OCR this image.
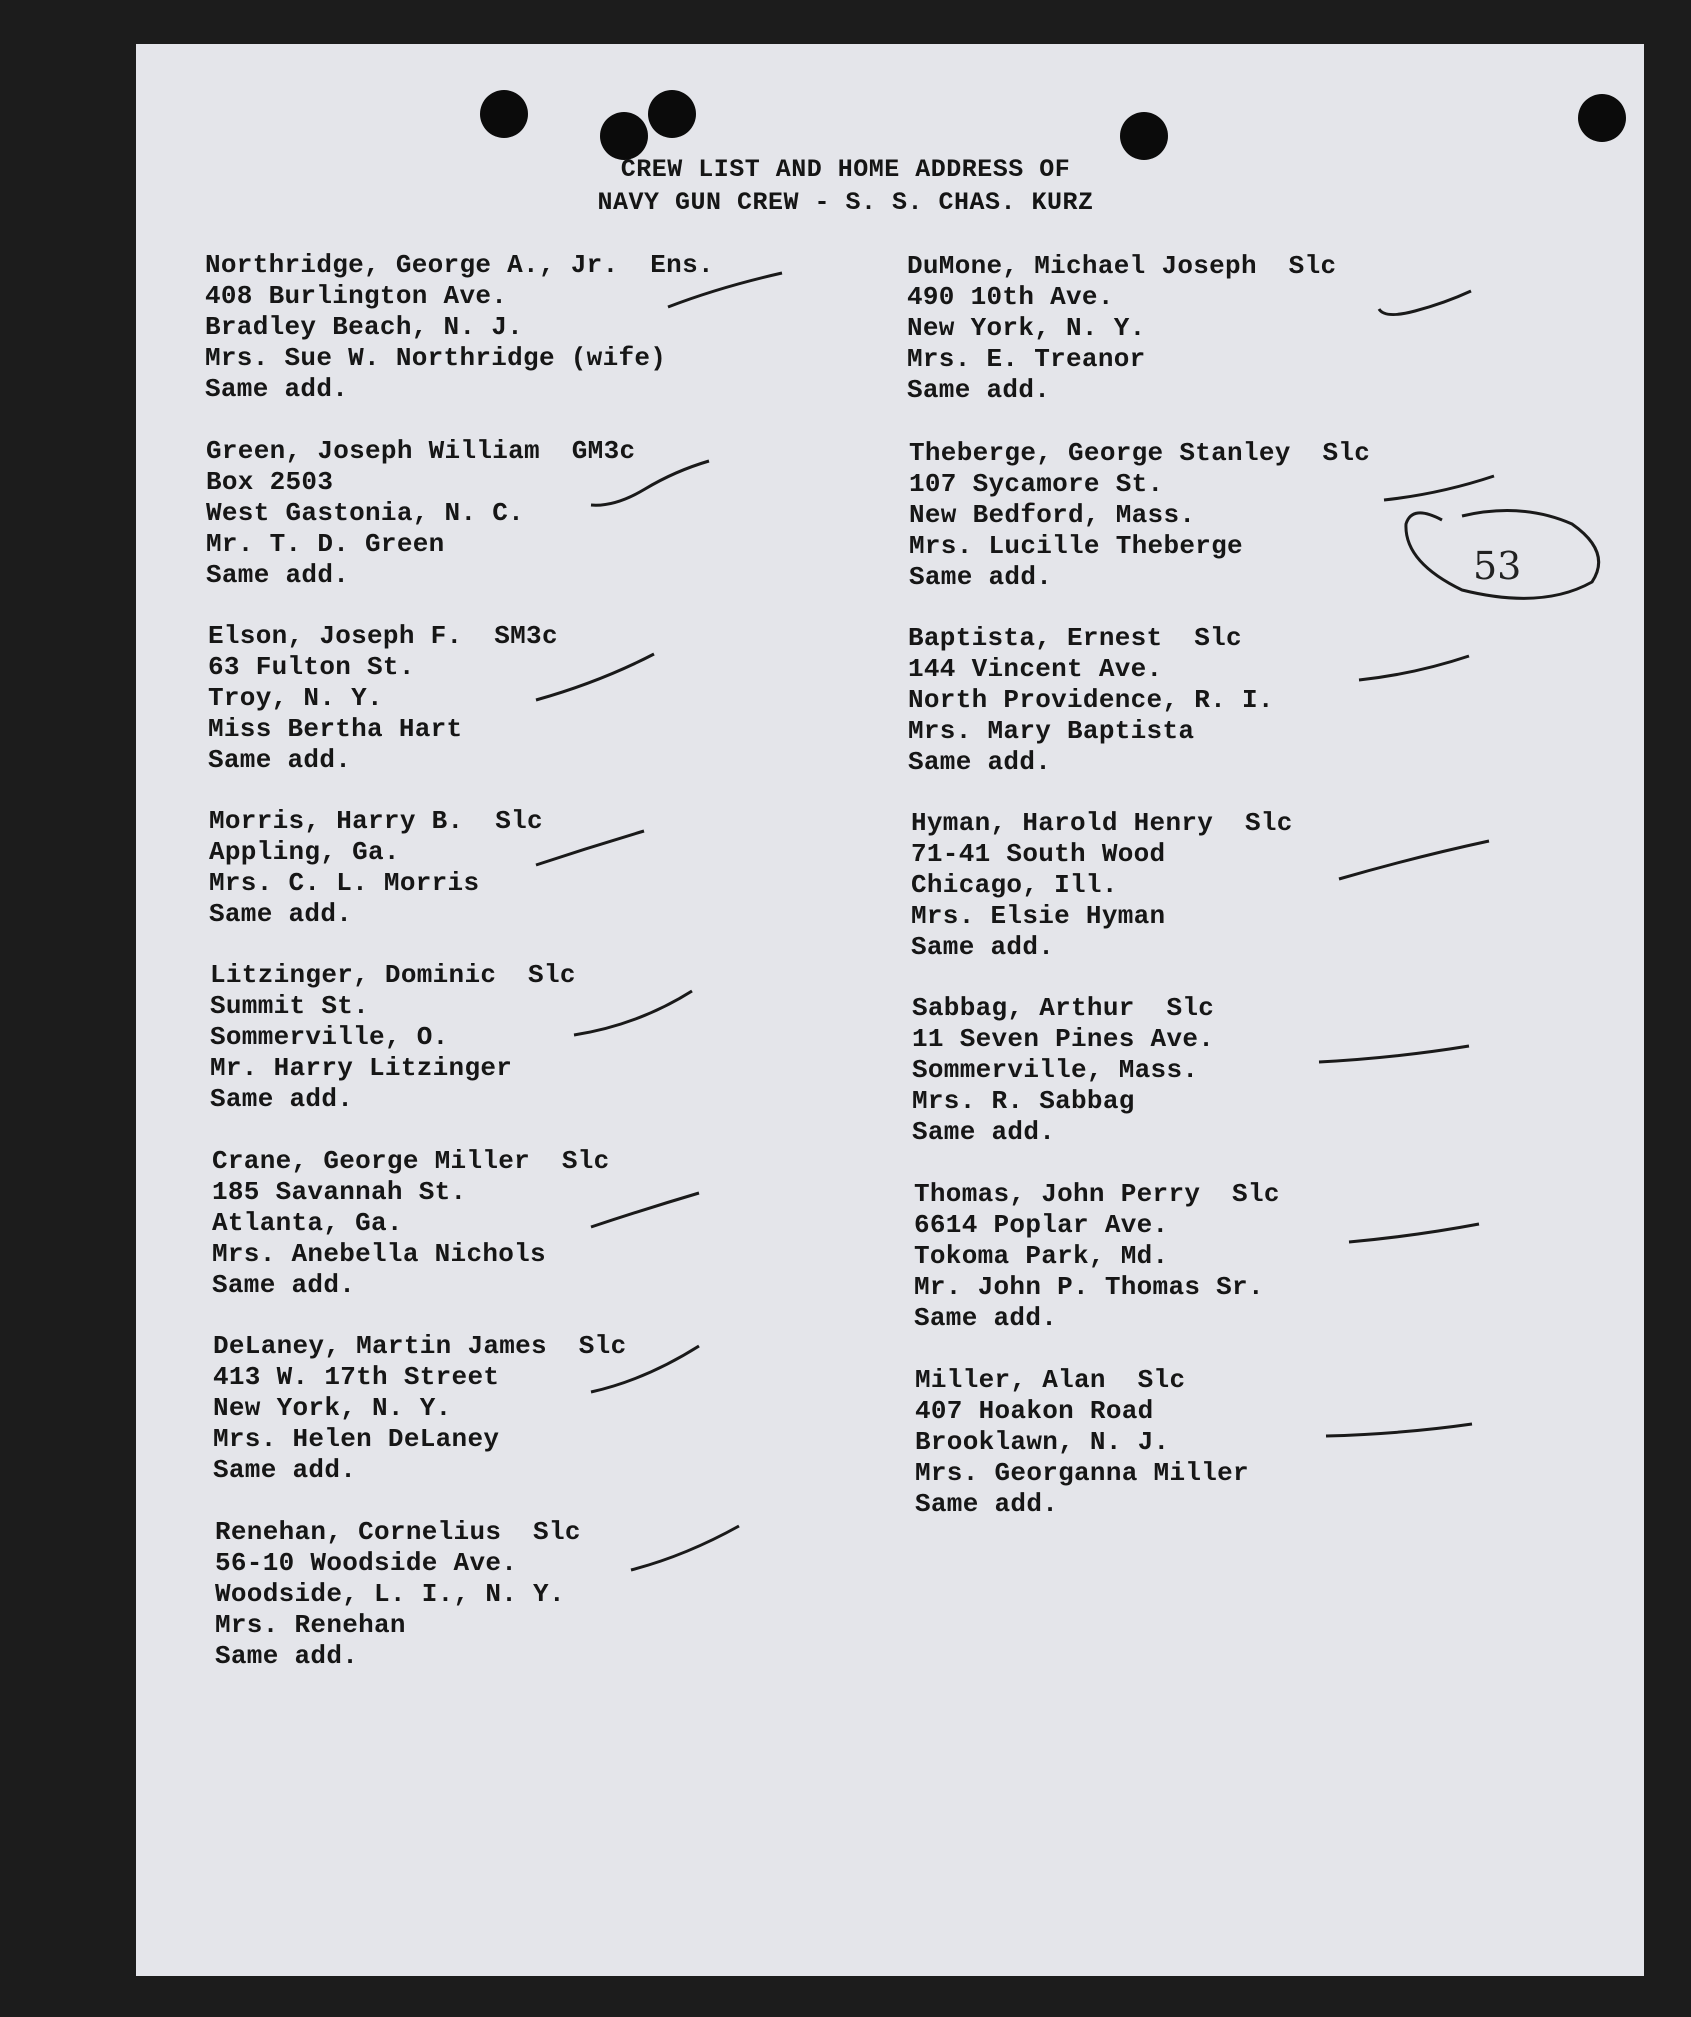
CREW LIST AND HOME ADDRESS OF
NAVY GUN CREW - S. S. CHAS. KURZ
Northridge, George A., Jr.  Ens.
408 Burlington Ave.
Bradley Beach, N. J.
Mrs. Sue W. Northridge (wife)
Same add.
Green, Joseph William  GM3c
Box 2503
West Gastonia, N. C.
Mr. T. D. Green
Same add.
Elson, Joseph F.  SM3c
63 Fulton St.
Troy, N. Y.
Miss Bertha Hart
Same add.
Morris, Harry B.  Slc
Appling, Ga.
Mrs. C. L. Morris
Same add.
Litzinger, Dominic  Slc
Summit St.
Sommerville, O.
Mr. Harry Litzinger
Same add.
Crane, George Miller  Slc
185 Savannah St.
Atlanta, Ga.
Mrs. Anebella Nichols
Same add.
DeLaney, Martin James  Slc
413 W. 17th Street
New York, N. Y.
Mrs. Helen DeLaney
Same add.
Renehan, Cornelius  Slc
56-10 Woodside Ave.
Woodside, L. I., N. Y.
Mrs. Renehan
Same add.
DuMone, Michael Joseph  Slc
490 10th Ave.
New York, N. Y.
Mrs. E. Treanor
Same add.
Theberge, George Stanley  Slc
107 Sycamore St.
New Bedford, Mass.
Mrs. Lucille Theberge
Same add.
Baptista, Ernest  Slc
144 Vincent Ave.
North Providence, R. I.
Mrs. Mary Baptista
Same add.
Hyman, Harold Henry  Slc
71-41 South Wood
Chicago, Ill.
Mrs. Elsie Hyman
Same add.
Sabbag, Arthur  Slc
11 Seven Pines Ave.
Sommerville, Mass.
Mrs. R. Sabbag
Same add.
Thomas, John Perry  Slc
6614 Poplar Ave.
Tokoma Park, Md.
Mr. John P. Thomas Sr.
Same add.
Miller, Alan  Slc
407 Hoakon Road
Brooklawn, N. J.
Mrs. Georganna Miller
Same add.
53
